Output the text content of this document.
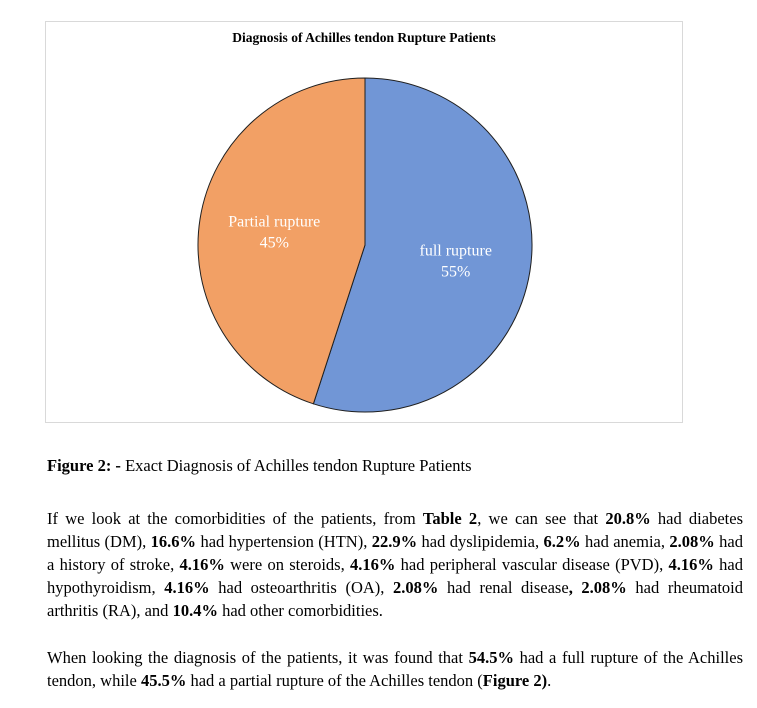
Diagnosis of Achilles tendon Rupture Patients
full rupture
55%
Partial rupture
45%
Figure 2: - Exact Diagnosis of Achilles tendon Rupture Patients

If we look at the comorbidities of the patients, from Table 2, we can see that 20.8% had diabetes mellitus (DM), 16.6% had hypertension (HTN), 22.9% had dyslipidemia, 6.2% had anemia, 2.08% had a history of stroke, 4.16% were on steroids, 4.16% had peripheral vascular disease (PVD), 4.16% had hypothyroidism, 4.16% had osteoarthritis (OA), 2.08% had renal disease, 2.08% had rheumatoid arthritis (RA), and 10.4% had other comorbidities.

When looking the diagnosis of the patients, it was found that 54.5% had a full rupture of the Achilles tendon, while 45.5% had a partial rupture of the Achilles tendon (Figure 2).
